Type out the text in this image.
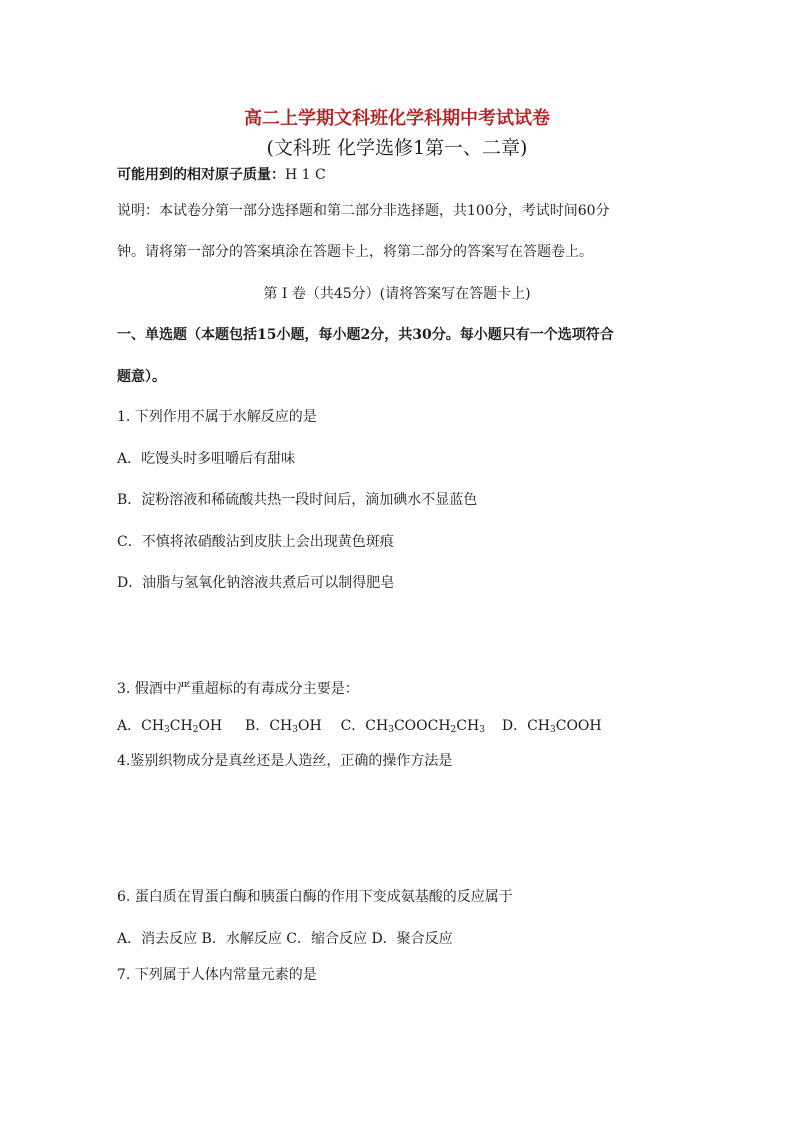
高二上学期文科班化学科期中考试试卷
(文科班 化学选修1第一、二章)
可能用到的相对原子质量：H 1 C
说明：本试卷分第一部分选择题和第二部分非选择题，共100分，考试时间60分
钟。请将第一部分的答案填涂在答题卡上，将第二部分的答案写在答题卷上。
第 I 卷（共45分）(请将答案写在答题卡上)
一、单选题（本题包括15小题，每小题2分，共30分。每小题只有一个选项符合
题意）。
1. 下列作用不属于水解反应的是
A．吃馒头时多咀嚼后有甜味
B．淀粉溶液和稀硫酸共热一段时间后，滴加碘水不显蓝色
C．不慎将浓硝酸沾到皮肤上会出现黄色斑痕
D．油脂与氢氧化钠溶液共煮后可以制得肥皂
3. 假酒中严重超标的有毒成分主要是：
A．$CH_3CH_2OH$ B．$CH_3OH$ C．$CH_3COOCH_2CH_3$ D．$CH_3COOH$
4.鉴别织物成分是真丝还是人造丝，正确的操作方法是
6. 蛋白质在胃蛋白酶和胰蛋白酶的作用下变成氨基酸的反应属于
A．消去反应 B．水解反应 C．缩合反应 D．聚合反应
7. 下列属于人体内常量元素的是
